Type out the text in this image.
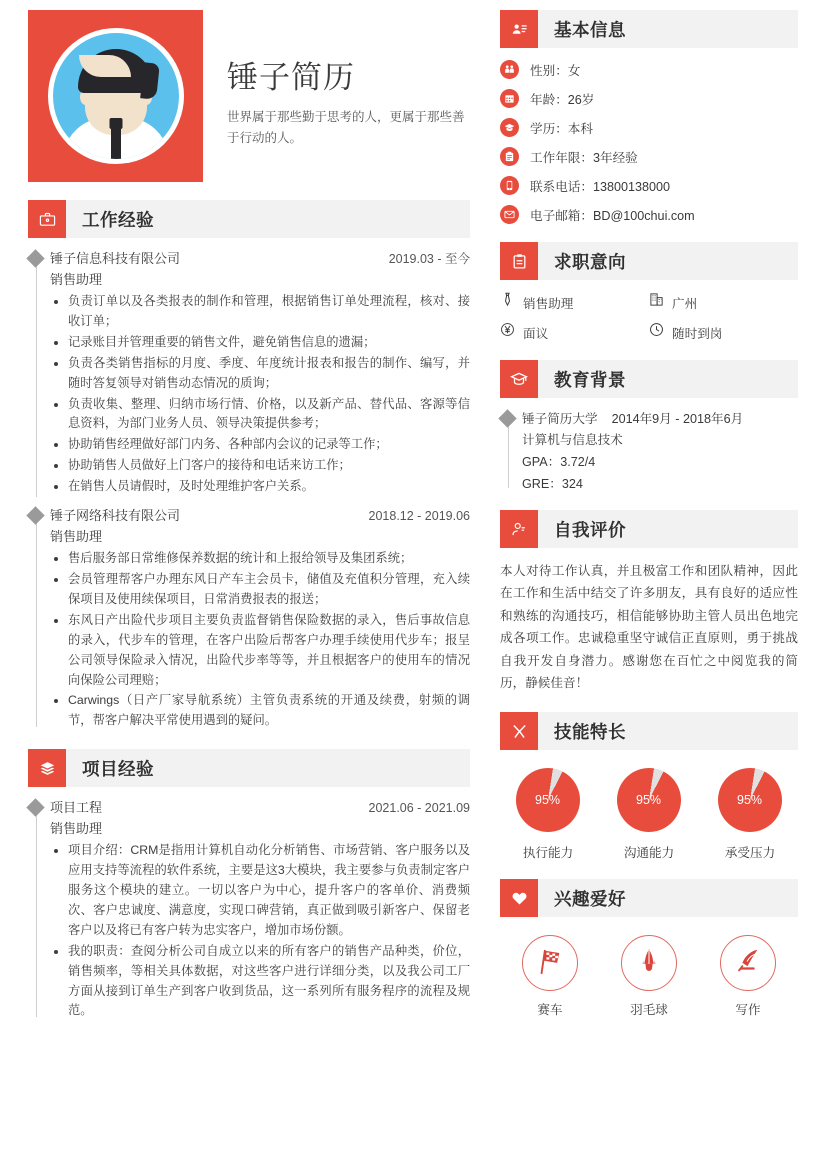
锤子简历
世界属于那些勤于思考的人，更属于那些善于行动的人。
工作经验
锤子信息科技有限公司	2019.03 - 至今
销售助理
负责订单以及各类报表的制作和管理，根据销售订单处理流程，核对、接收订单；
记录账目并管理重要的销售文件，避免销售信息的遗漏；
负责各类销售指标的月度、季度、年度统计报表和报告的制作、编写，并随时答复领导对销售动态情况的质询；
负责收集、整理、归纳市场行情、价格，以及新产品、替代品、客源等信息资料，为部门业务人员、领导决策提供参考；
协助销售经理做好部门内务、各种部内会议的记录等工作；
协助销售人员做好上门客户的接待和电话来访工作；
在销售人员请假时，及时处理维护客户关系。
锤子网络科技有限公司	2018.12 - 2019.06
销售助理
售后服务部日常维修保养数据的统计和上报给领导及集团系统；
会员管理帮客户办理东风日产车主会员卡，储值及充值积分管理，充入续保项目及使用续保项目，日常消费报表的报送；
东风日产出险代步项目主要负责监督销售保险数据的录入，售后事故信息的录入，代步车的管理，在客户出险后帮客户办理手续使用代步车；报呈公司领导保险录入情况，出险代步率等等，并且根据客户的使用车的情况向保险公司理赔；
Carwings（日产厂家导航系统）主管负责系统的开通及续费，射频的调节，帮客户解决平常使用遇到的疑问。
项目经验
项目工程	2021.06 - 2021.09
销售助理
项目介绍：CRM是指用计算机自动化分析销售、市场营销、客户服务以及应用支持等流程的软件系统，主要是这3大模块，我主要参与负责制定客户服务这个模块的建立。一切以客户为中心，提升客户的客单价、消费频次、客户忠诚度、满意度，实现口碑营销，真正做到吸引新客户、保留老客户以及将已有客户转为忠实客户，增加市场份额。
我的职责：查阅分析公司自成立以来的所有客户的销售产品种类，价位，销售频率，等相关具体数据，对这些客户进行详细分类，以及我公司工厂方面从接到订单生产到客户收到货品，这一系列所有服务程序的流程及规范。
基本信息
性别：女
年龄：26岁
学历：本科
工作年限：3年经验
联系电话：13800138000
电子邮箱：BD@100chui.com
求职意向
销售助理	广州
面议	随时到岗
教育背景
锤子简历大学 2014年9月 - 2018年6月
计算机与信息技术
GPA：3.72/4
GRE：324
自我评价
本人对待工作认真，并且极富工作和团队精神，因此在工作和生活中结交了许多朋友，具有良好的适应性和熟练的沟通技巧，相信能够协助主管人员出色地完成各项工作。忠诚稳重坚守诚信正直原则，勇于挑战自我开发自身潜力。感谢您在百忙之中阅览我的简历，静候佳音！
技能特长
95%
执行能力
95%
沟通能力
95%
承受压力
兴趣爱好
赛车	羽毛球	写作
